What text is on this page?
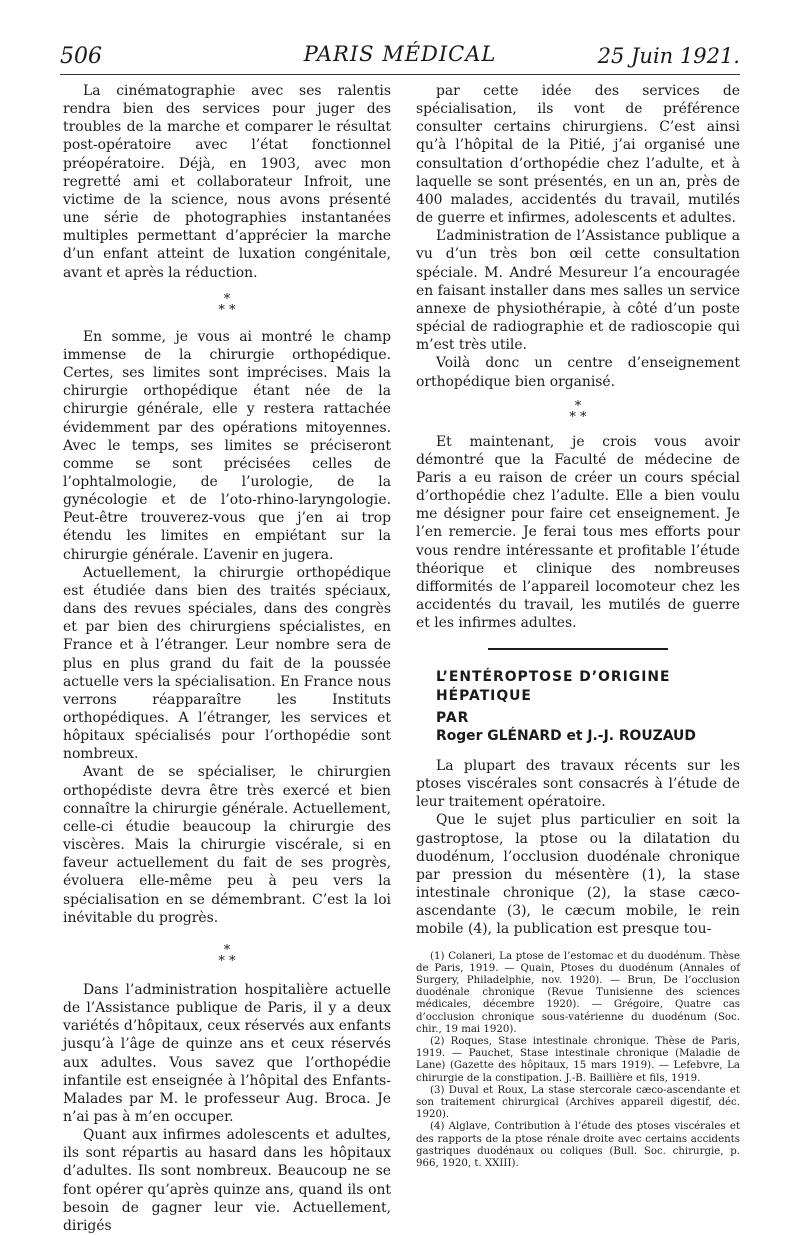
506	PARIS MÉDICAL	25 Juin 1921.

La cinématographie avec ses ralentis rendra bien des services pour juger des troubles de la marche et comparer le résultat post-opératoire avec l’état fonctionnel préopératoire. Déjà, en 1903, avec mon regretté ami et collaborateur Infroit, une victime de la science, nous avons présenté une série de photographies instantanées multiples permettant d’apprécier la marche d’un enfant atteint de luxation congénitale, avant et après la réduction.

*
* *

En somme, je vous ai montré le champ immense de la chirurgie orthopédique. Certes, ses limites sont imprécises. Mais la chirurgie orthopédique étant née de la chirurgie générale, elle y restera rattachée évidemment par des opérations mitoyennes. Avec le temps, ses limites se préciseront comme se sont précisées celles de l’ophtalmologie, de l’urologie, de la gynécologie et de l’oto-rhino-laryngologie. Peut-être trouverez-vous que j’en ai trop étendu les limites en empiétant sur la chirurgie générale. L’avenir en jugera.

Actuellement, la chirurgie orthopédique est étudiée dans bien des traités spéciaux, dans des revues spéciales, dans des congrès et par bien des chirurgiens spécialistes, en France et à l’étranger. Leur nombre sera de plus en plus grand du fait de la poussée actuelle vers la spécialisation. En France nous verrons réapparaître les Instituts orthopédiques. A l’étranger, les services et hôpitaux spécialisés pour l’orthopédie sont nombreux.

Avant de se spécialiser, le chirurgien orthopédiste devra être très exercé et bien connaître la chirurgie générale. Actuellement, celle-ci étudie beaucoup la chirurgie des viscères. Mais la chirurgie viscérale, si en faveur actuellement du fait de ses progrès, évoluera elle-même peu à peu vers la spécialisation en se démembrant. C’est la loi inévitable du progrès.

*
* *

Dans l’administration hospitalière actuelle de l’Assistance publique de Paris, il y a deux variétés d’hôpitaux, ceux réservés aux enfants jusqu’à l’âge de quinze ans et ceux réservés aux adultes. Vous savez que l’orthopédie infantile est enseignée à l’hôpital des Enfants-Malades par M. le professeur Aug. Broca. Je n’ai pas à m’en occuper.

Quant aux infirmes adolescents et adultes, ils sont répartis au hasard dans les hôpitaux d’adultes. Ils sont nombreux. Beaucoup ne se font opérer qu’après quinze ans, quand ils ont besoin de gagner leur vie. Actuellement, dirigés

par cette idée des services de spécialisation, ils vont de préférence consulter certains chirurgiens. C’est ainsi qu’à l’hôpital de la Pitié, j’ai organisé une consultation d’orthopédie chez l’adulte, et à laquelle se sont présentés, en un an, près de 400 malades, accidentés du travail, mutilés de guerre et infirmes, adolescents et adultes.

L’administration de l’Assistance publique a vu d’un très bon œil cette consultation spéciale. M. André Mesureur l’a encouragée en faisant installer dans mes salles un service annexe de physiothérapie, à côté d’un poste spécial de radiographie et de radioscopie qui m’est très utile.

Voilà donc un centre d’enseignement orthopédique bien organisé.

*
* *

Et maintenant, je crois vous avoir démontré que la Faculté de médecine de Paris a eu raison de créer un cours spécial d’orthopédie chez l’adulte. Elle a bien voulu me désigner pour faire cet enseignement. Je l’en remercie. Je ferai tous mes efforts pour vous rendre intéressante et profitable l’étude théorique et clinique des nombreuses difformités de l’appareil locomoteur chez les accidentés du travail, les mutilés de guerre et les infirmes adultes.

L’ENTÉROPTOSE D’ORIGINE

HÉPATIQUE

PAR

Roger GLÉNARD et J.-J. ROUZAUD

La plupart des travaux récents sur les ptoses viscérales sont consacrés à l’étude de leur traitement opératoire.

Que le sujet plus particulier en soit la gastroptose, la ptose ou la dilatation du duodénum, l’occlusion duodénale chronique par pression du mésentère (1), la stase intestinale chronique (2), la stase cæco-ascendante (3), le cæcum mobile, le rein mobile (4), la publication est presque tou-

(1) Colaneri, La ptose de l’estomac et du duodénum. Thèse de Paris, 1919. — Quain, Ptoses du duodénum (Annales of Surgery, Philadelphie, nov. 1920). — Brun, De l’occlusion duodénale chronique (Revue Tunisienne des sciences médicales, décembre 1920). — Grégoire, Quatre cas d’occlusion chronique sous-vatérienne du duodénum (Soc. chir., 19 mai 1920).

(2) Roques, Stase intestinale chronique. Thèse de Paris, 1919. — Pauchet, Stase intestinale chronique (Maladie de Lane) (Gazette des hôpitaux, 15 mars 1919). — Lefebvre, La chirurgie de la constipation. J.-B. Baillière et fils, 1919.

(3) Duval et Roux, La stase stercorale cæco-ascendante et son traitement chirurgical (Archives appareil digestif, déc. 1920).

(4) Alglave, Contribution à l’étude des ptoses viscérales et des rapports de la ptose rénale droite avec certains accidents gastriques duodénaux ou coliques (Bull. Soc. chirurgie, p. 966, 1920, t. XXIII).
